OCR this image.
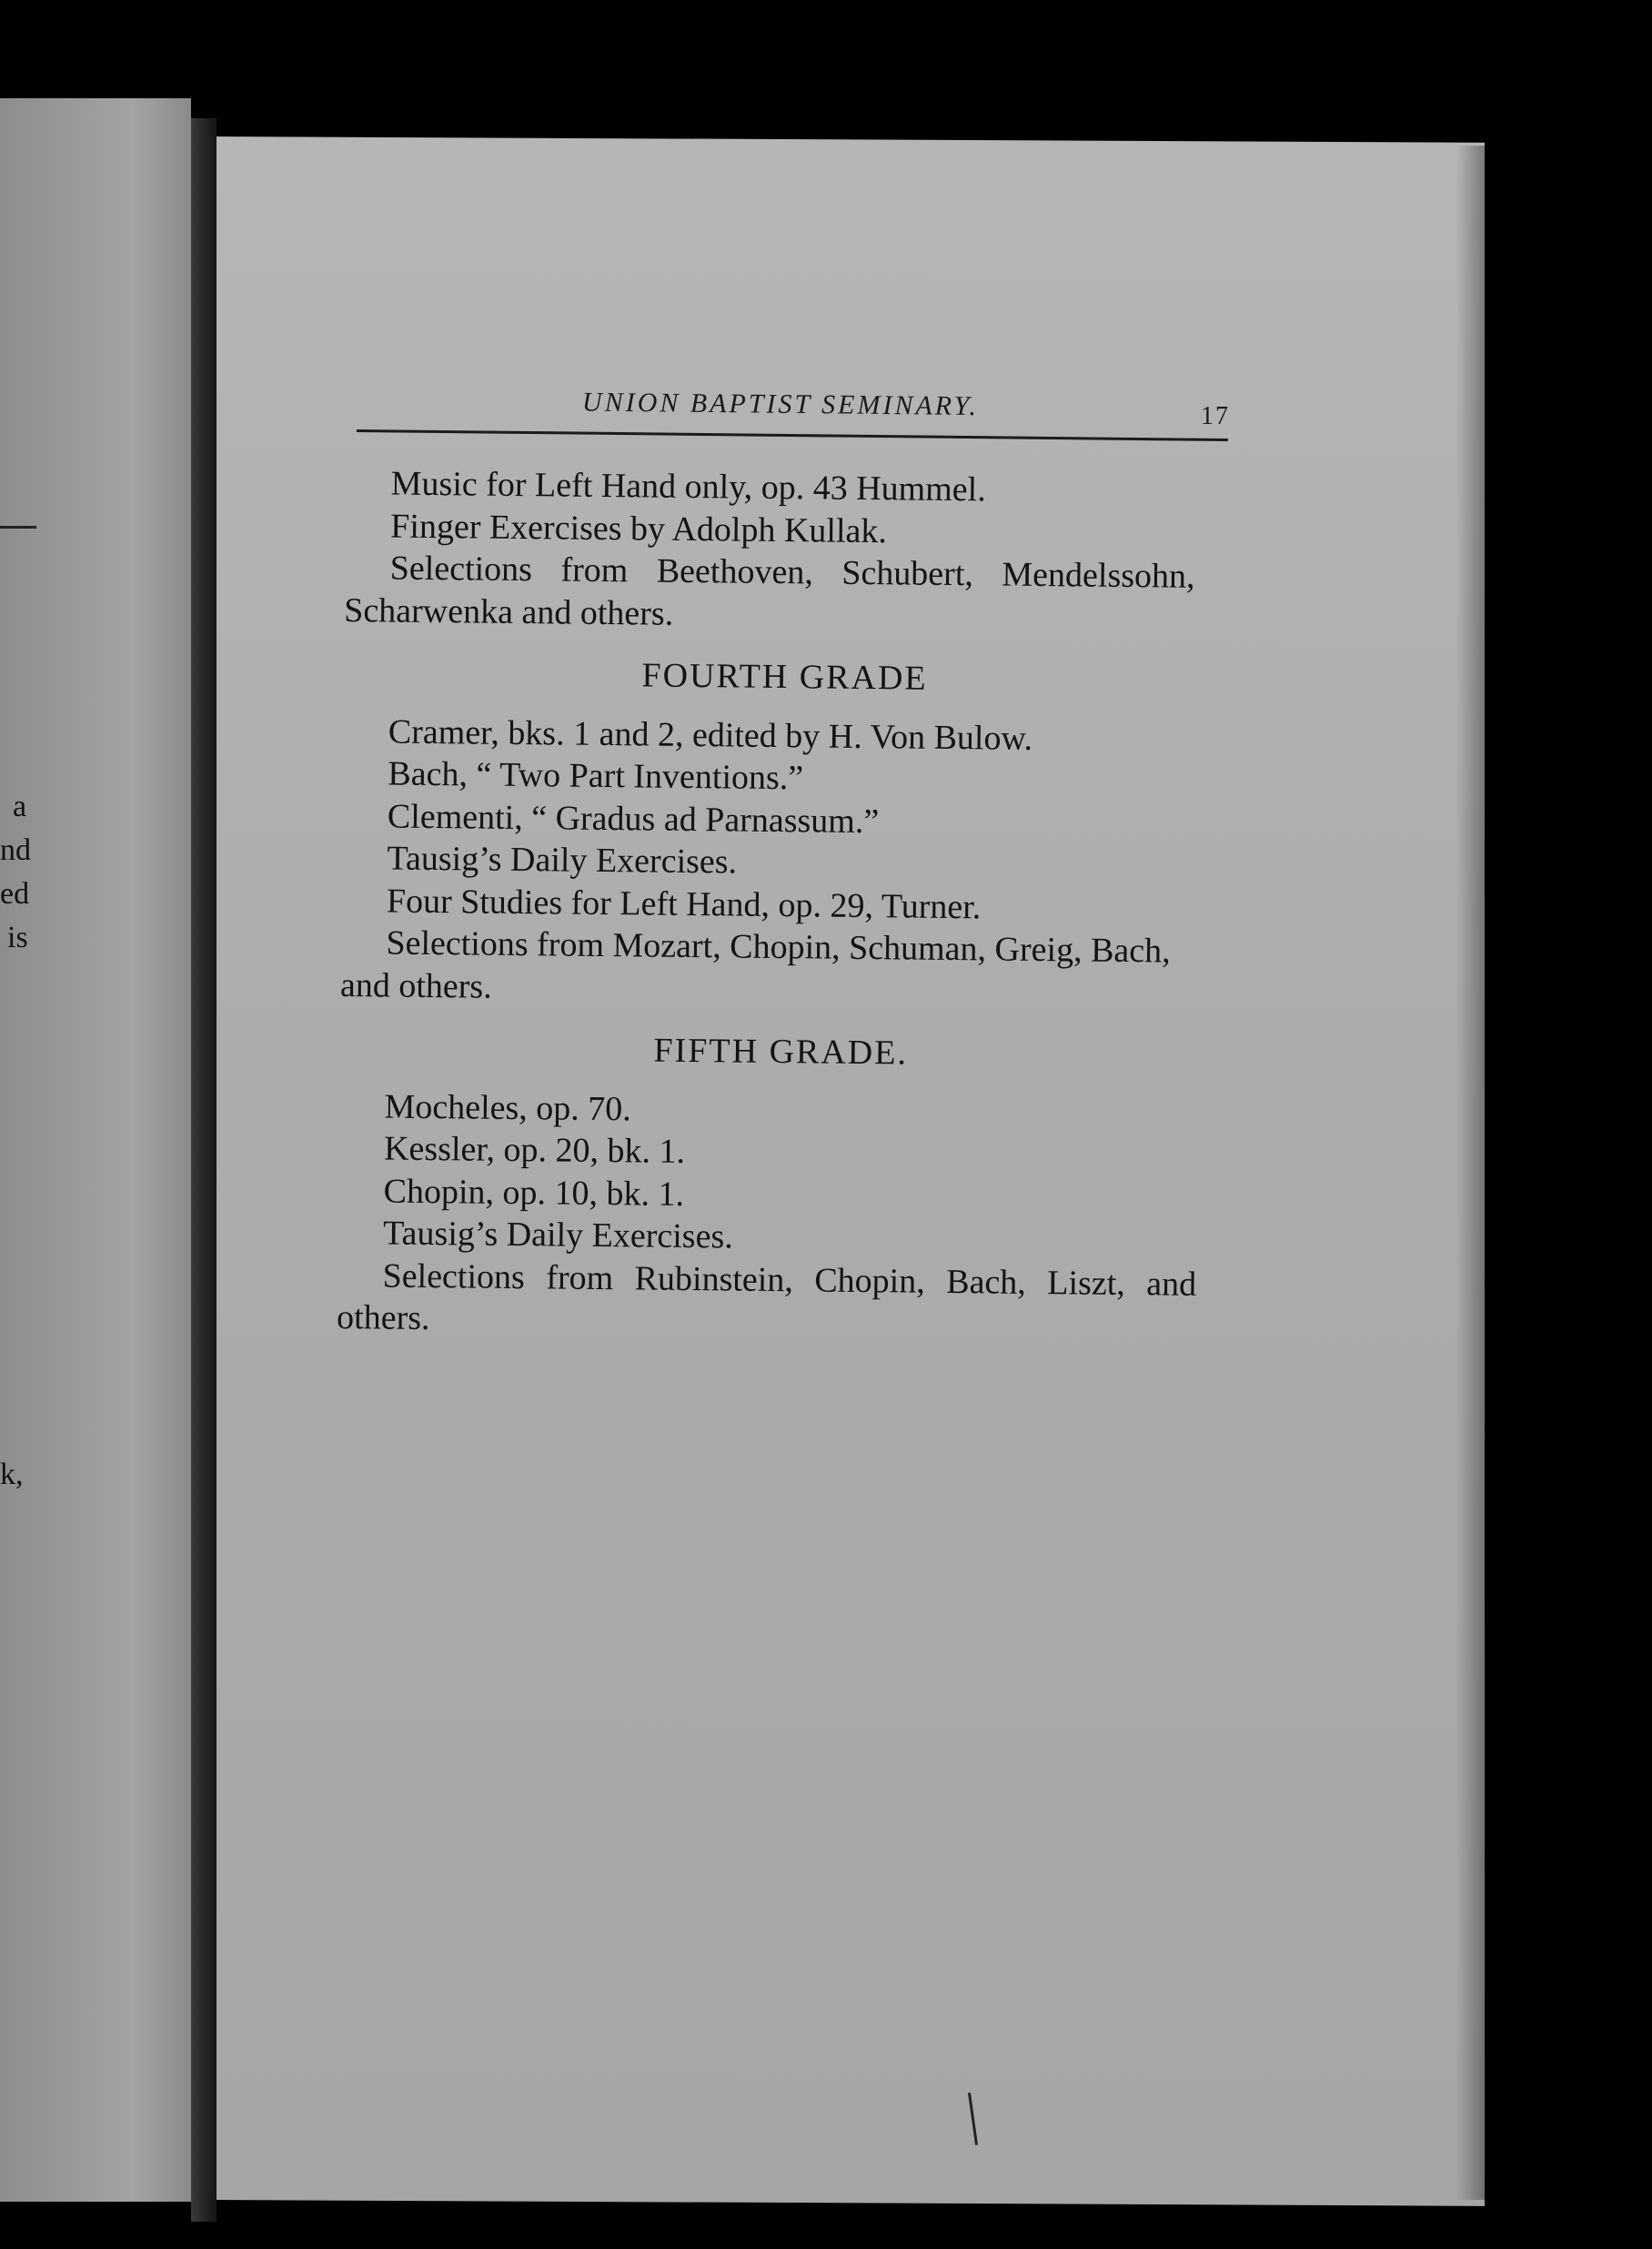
a
nd
ed
is
k,
UNION BAPTIST SEMINARY.	17
Music for Left Hand only, op. 43 Hummel.
Finger Exercises by Adolph Kullak.
Selections from Beethoven, Schubert, Mendelssohn,
Scharwenka and others.
FOURTH GRADE
Cramer, bks. 1 and 2, edited by H. Von Bulow.
Bach, “ Two Part Inventions.”
Clementi, “ Gradus ad Parnassum.”
Tausig’s Daily Exercises.
Four Studies for Left Hand, op. 29, Turner.
Selections from Mozart, Chopin, Schuman, Greig, Bach,
and others.
FIFTH GRADE.
Mocheles, op. 70.
Kessler, op. 20, bk. 1.
Chopin, op. 10, bk. 1.
Tausig’s Daily Exercises.
Selections from Rubinstein, Chopin, Bach, Liszt, and
others.
